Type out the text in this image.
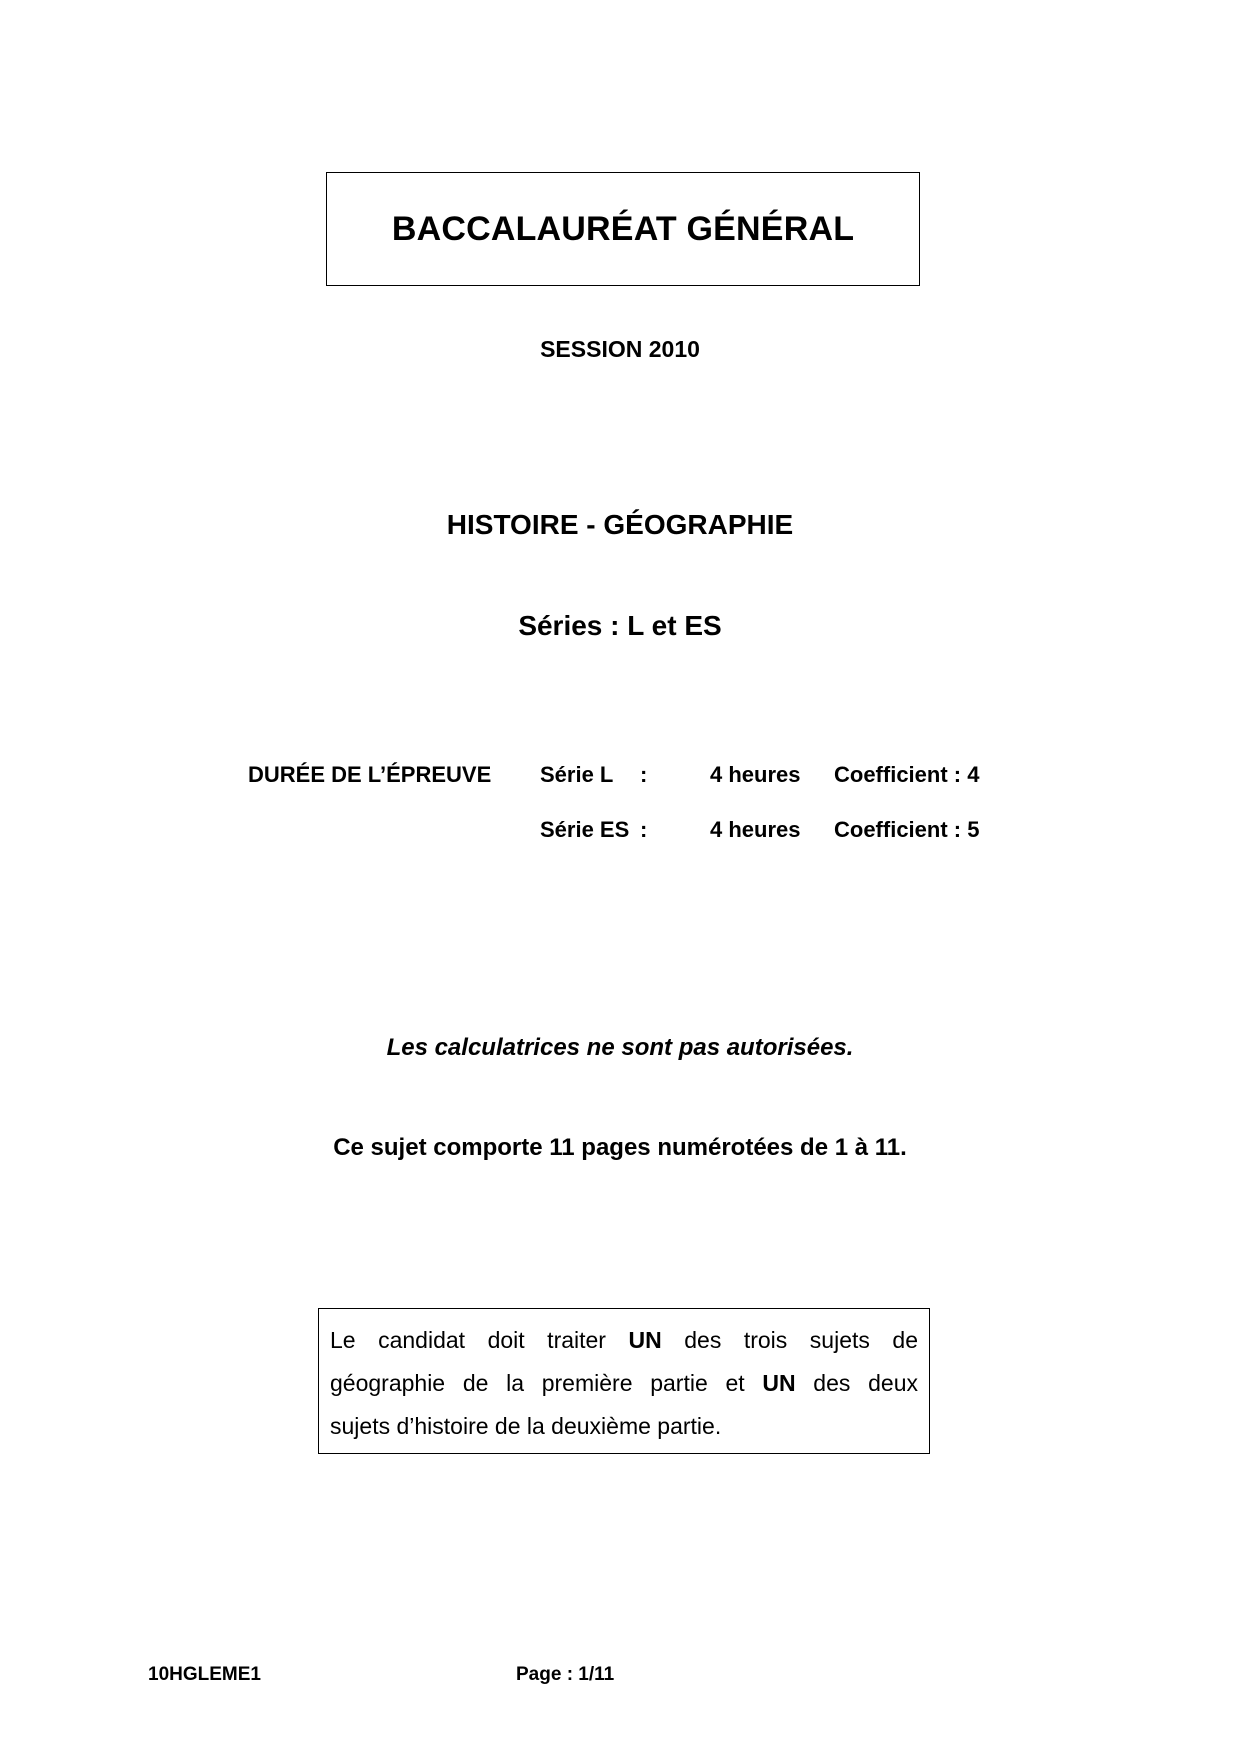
BACCALAURÉAT GÉNÉRAL
SESSION 2010
HISTOIRE - GÉOGRAPHIE
Séries : L et ES
DURÉE DE L’ÉPREUVE Série L :	4 heures Coefficient : 4
Série ES :	4 heures Coefficient : 5
Les calculatrices ne sont pas autorisées.
Ce sujet comporte 11 pages numérotées de 1 à 11.
Le candidat doit traiter UN des trois sujets de
géographie de la première partie et UN des deux
sujets d’histoire de la deuxième partie.
10HGLEME1	Page : 1/11
